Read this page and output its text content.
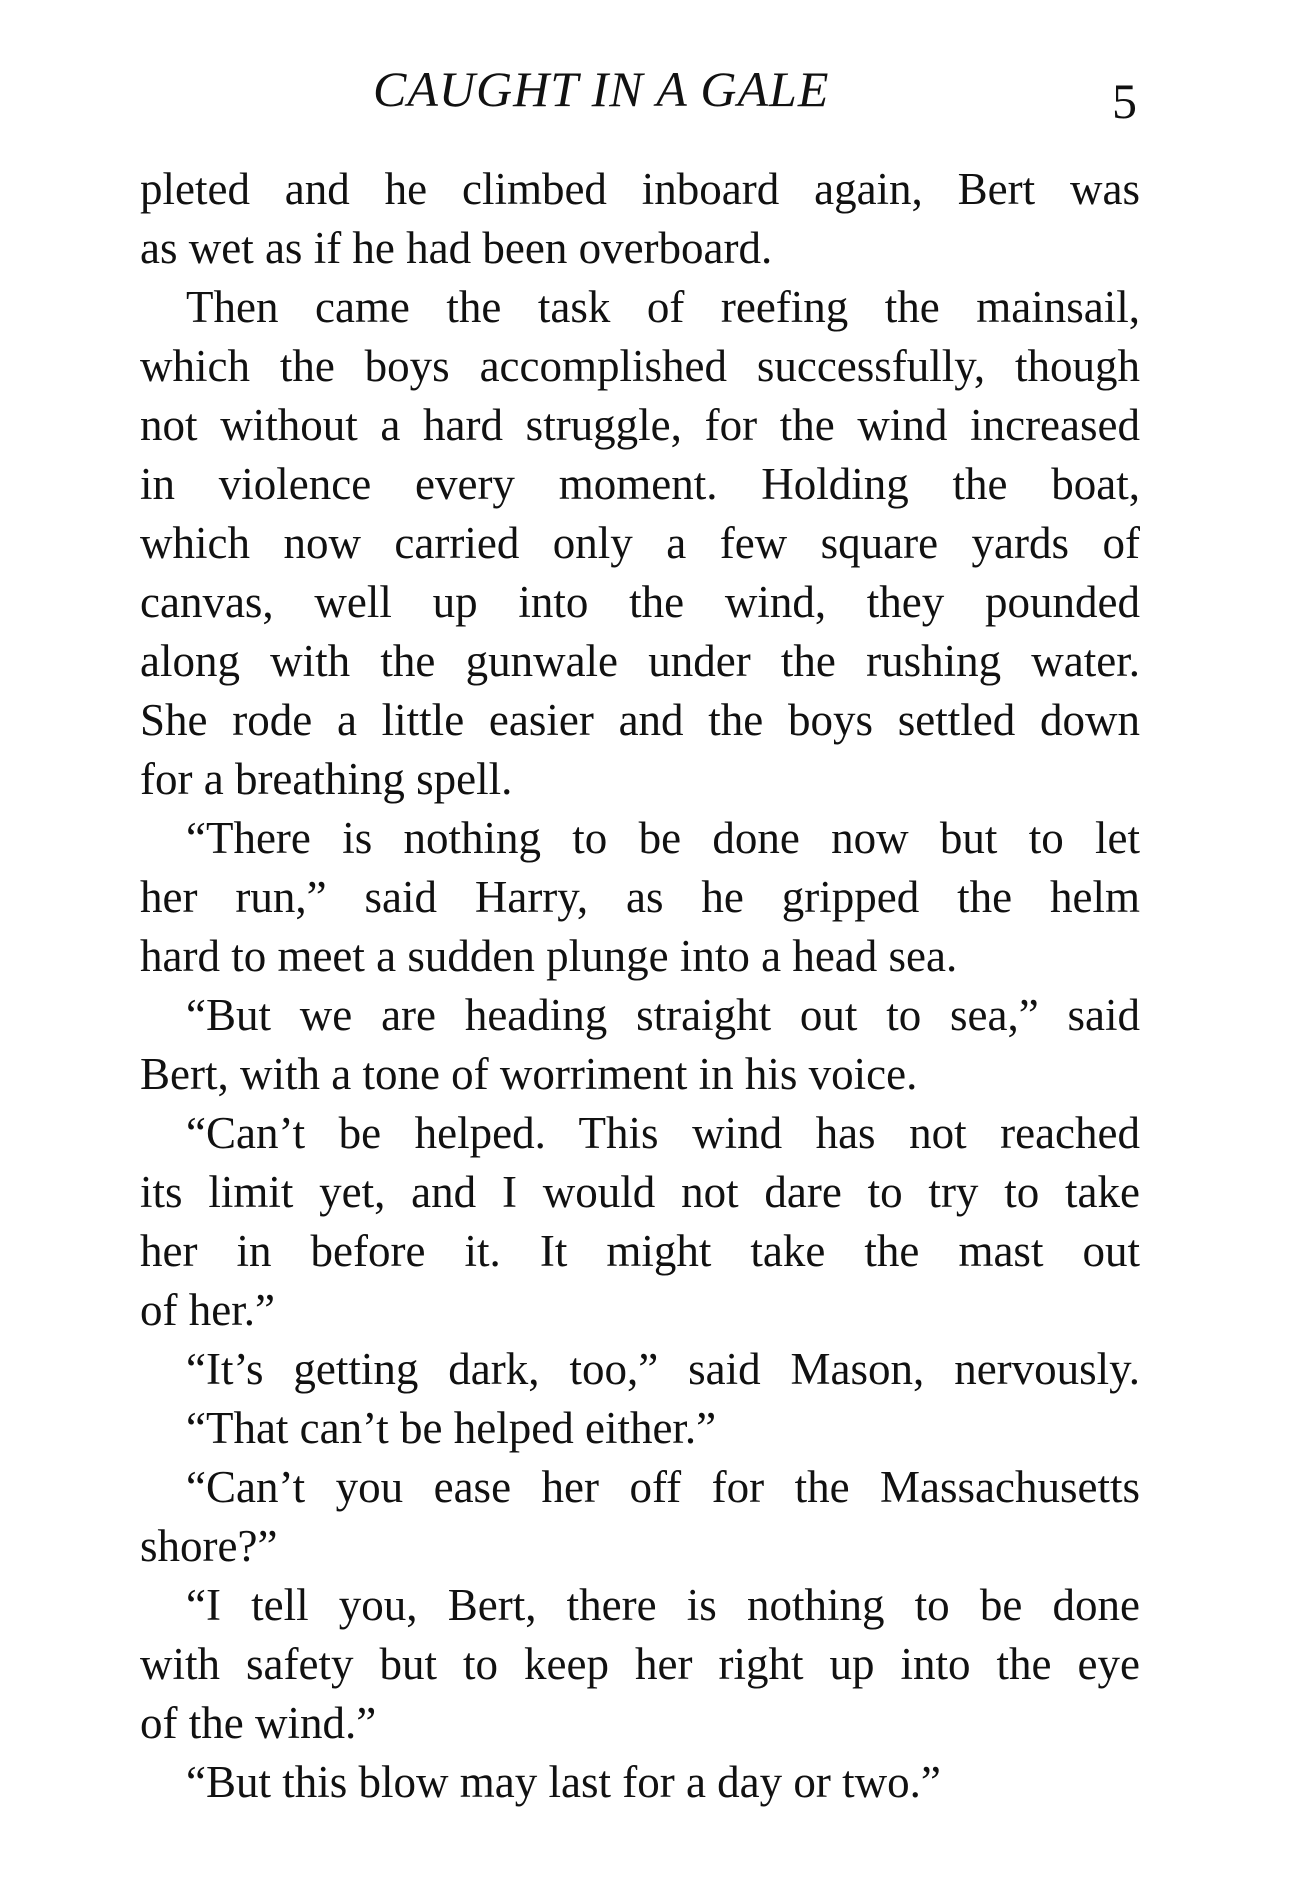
CAUGHT IN A GALE	5
pleted and he climbed inboard again, Bert was
as wet as if he had been overboard.
Then came the task of reefing the mainsail,
which the boys accomplished successfully, though
not without a hard struggle, for the wind increased
in violence every moment. Holding the boat,
which now carried only a few square yards of
canvas, well up into the wind, they pounded
along with the gunwale under the rushing water.
She rode a little easier and the boys settled down
for a breathing spell.
“There is nothing to be done now but to let
her run,” said Harry, as he gripped the helm
hard to meet a sudden plunge into a head sea.
“But we are heading straight out to sea,” said
Bert, with a tone of worriment in his voice.
“Can’t be helped. This wind has not reached
its limit yet, and I would not dare to try to take
her in before it. It might take the mast out
of her.”
“It’s getting dark, too,” said Mason, nervously.
“That can’t be helped either.”
“Can’t you ease her off for the Massachusetts
shore?”
“I tell you, Bert, there is nothing to be done
with safety but to keep her right up into the eye
of the wind.”
“But this blow may last for a day or two.”
